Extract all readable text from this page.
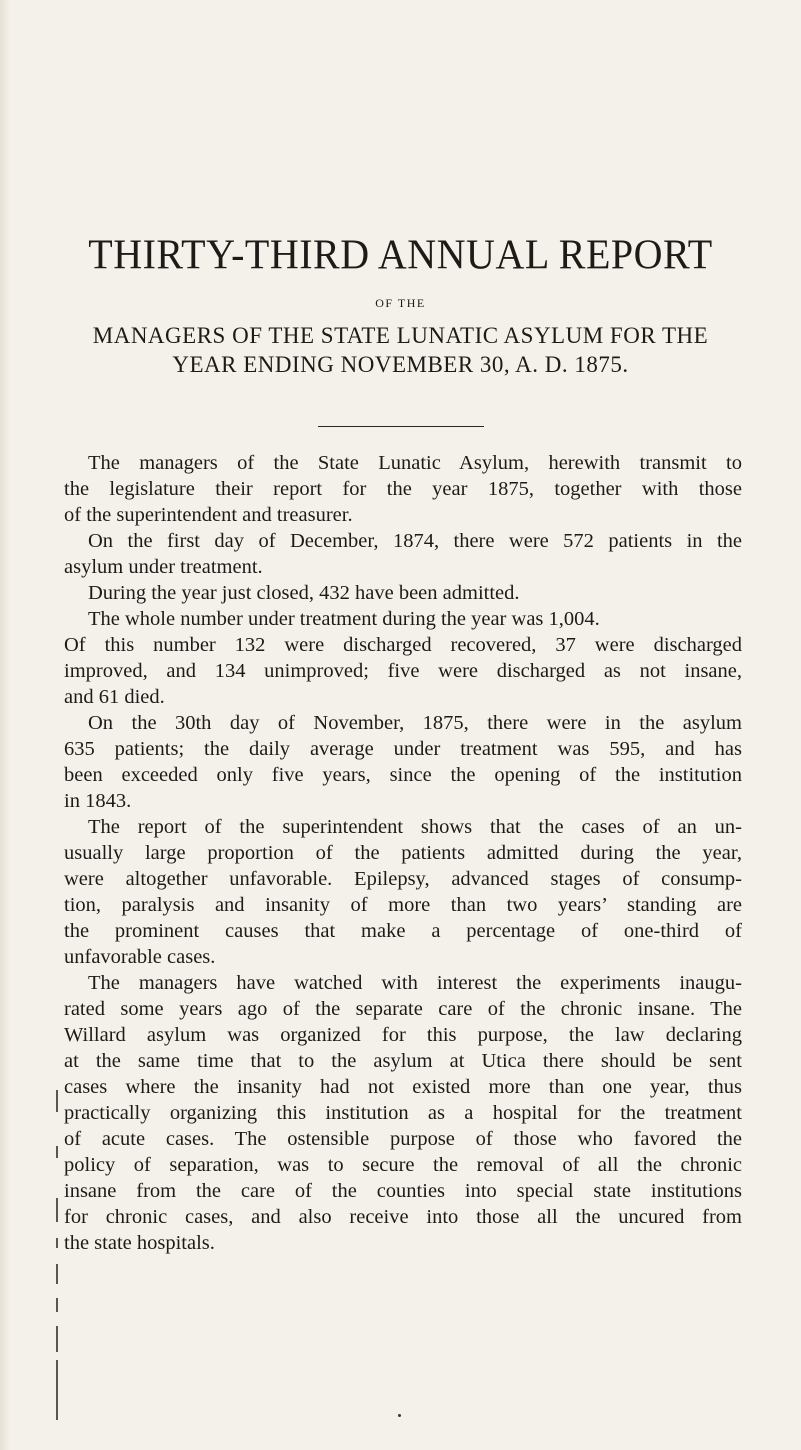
THIRTY-THIRD ANNUAL REPORT
OF THE
MANAGERS OF THE STATE LUNATIC ASYLUM FOR THE
YEAR ENDING NOVEMBER 30, A. D. 1875.
The managers of the State Lunatic Asylum, herewith transmit to
the legislature their report for the year 1875, together with those
of the superintendent and treasurer.
On the first day of December, 1874, there were 572 patients in the
asylum under treatment.
During the year just closed, 432 have been admitted.
The whole number under treatment during the year was 1,004.
Of this number 132 were discharged recovered, 37 were discharged
improved, and 134 unimproved; five were discharged as not insane,
and 61 died.
On the 30th day of November, 1875, there were in the asylum
635 patients; the daily average under treatment was 595, and has
been exceeded only five years, since the opening of the institution
in 1843.
The report of the superintendent shows that the cases of an un-
usually large proportion of the patients admitted during the year,
were altogether unfavorable. Epilepsy, advanced stages of consump-
tion, paralysis and insanity of more than two years’ standing are
the prominent causes that make a percentage of one-third of
unfavorable cases.
The managers have watched with interest the experiments inaugu-
rated some years ago of the separate care of the chronic insane. The
Willard asylum was organized for this purpose, the law declaring
at the same time that to the asylum at Utica there should be sent
cases where the insanity had not existed more than one year, thus
practically organizing this institution as a hospital for the treatment
of acute cases. The ostensible purpose of those who favored the
policy of separation, was to secure the removal of all the chronic
insane from the care of the counties into special state institutions
for chronic cases, and also receive into those all the uncured from
the state hospitals.
